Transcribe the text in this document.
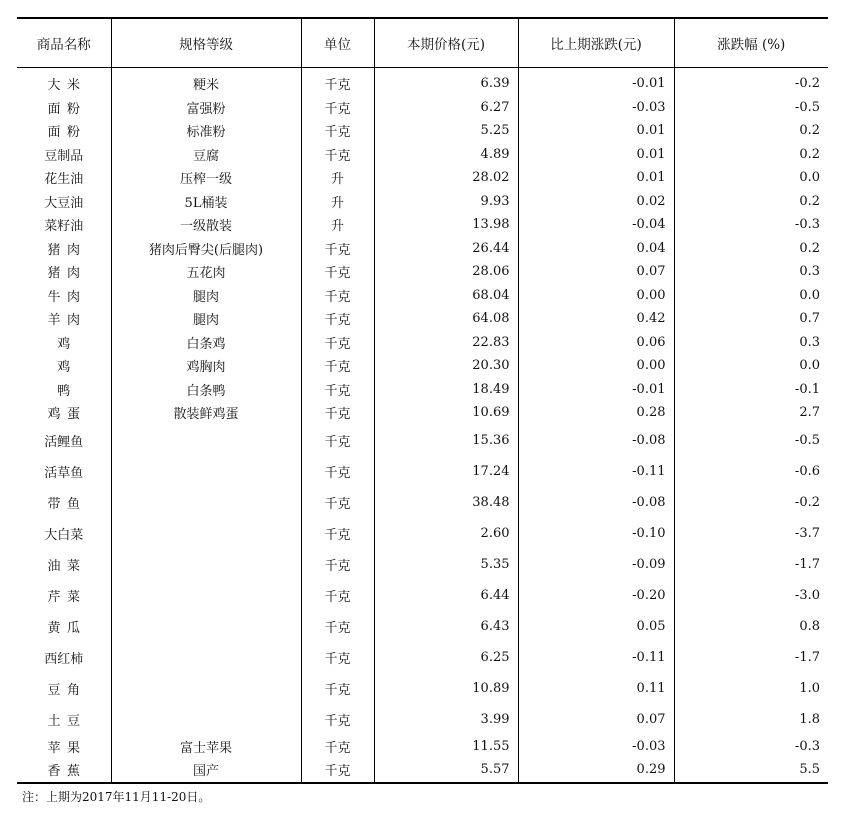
商品名称	规格等级	单位	本期价格(元)	比上期涨跌(元)	涨跌幅 (%)
大米	粳米	千克	6.39	-0.01	-0.2
面粉	富强粉	千克	6.27	-0.03	-0.5
面粉	标准粉	千克	5.25	0.01	0.2
豆制品	豆腐	千克	4.89	0.01	0.2
花生油	压榨一级	升	28.02	0.01	0.0
大豆油	5L桶装	升	9.93	0.02	0.2
菜籽油	一级散装	升	13.98	-0.04	-0.3
猪肉	猪肉后臀尖(后腿肉)	千克	26.44	0.04	0.2
猪肉	五花肉	千克	28.06	0.07	0.3
牛肉	腿肉	千克	68.04	0.00	0.0
羊肉	腿肉	千克	64.08	0.42	0.7
鸡	白条鸡	千克	22.83	0.06	0.3
鸡	鸡胸肉	千克	20.30	0.00	0.0
鸭	白条鸭	千克	18.49	-0.01	-0.1
鸡蛋	散装鲜鸡蛋	千克	10.69	0.28	2.7
活鲤鱼		千克	15.36	-0.08	-0.5
活草鱼		千克	17.24	-0.11	-0.6
带鱼		千克	38.48	-0.08	-0.2
大白菜		千克	2.60	-0.10	-3.7
油菜		千克	5.35	-0.09	-1.7
芹菜		千克	6.44	-0.20	-3.0
黄瓜		千克	6.43	0.05	0.8
西红柿		千克	6.25	-0.11	-1.7
豆角		千克	10.89	0.11	1.0
土豆		千克	3.99	0.07	1.8
苹果	富士苹果	千克	11.55	-0.03	-0.3
香蕉	国产	千克	5.57	0.29	5.5
注：上期为2017年11月11-20日。
